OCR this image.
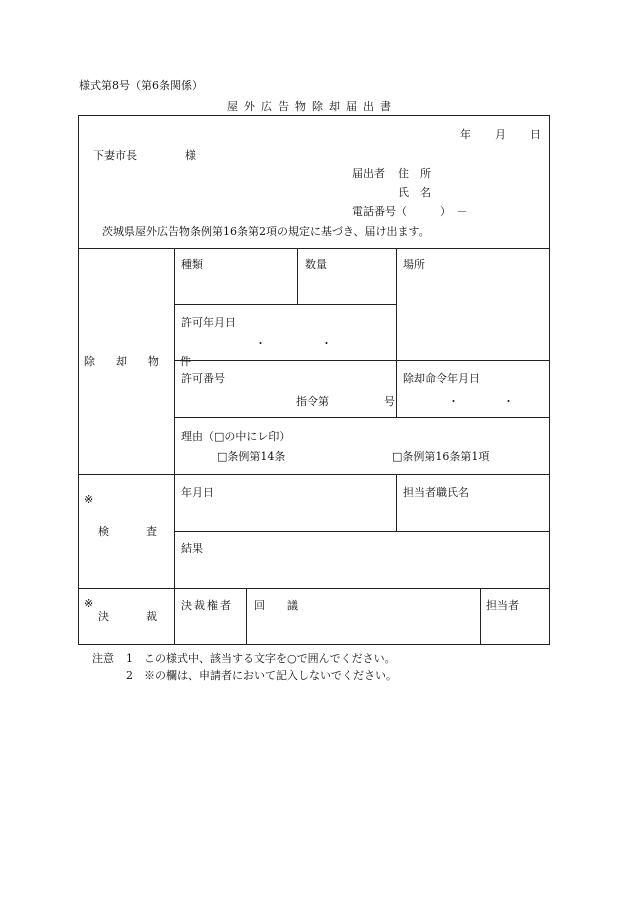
様式第8号（第6条関係）
屋外広告物除却届出書
年 月 日
下妻市長	様
届出者 住　所
氏　名
電話番号（　　　）　－
茨城県屋外広告物条例第16条第2項の規定に基づき、届け出ます。
除　却　物　件
種類	数量	場所
許可年月日
・　　　　　・
許可番号
指令第　　　　　号
除却命令年月日
・　　　　・
理由（□の中にレ印）
□条例第14条	□条例第16条第1項
※
検　　査
年月日	担当者職氏名
結果
※
決　　裁
決裁権者 回　　議	担当者
注意 1 この様式中、該当する文字を○で囲んでください。
2 ※の欄は、申請者において記入しないでください。
